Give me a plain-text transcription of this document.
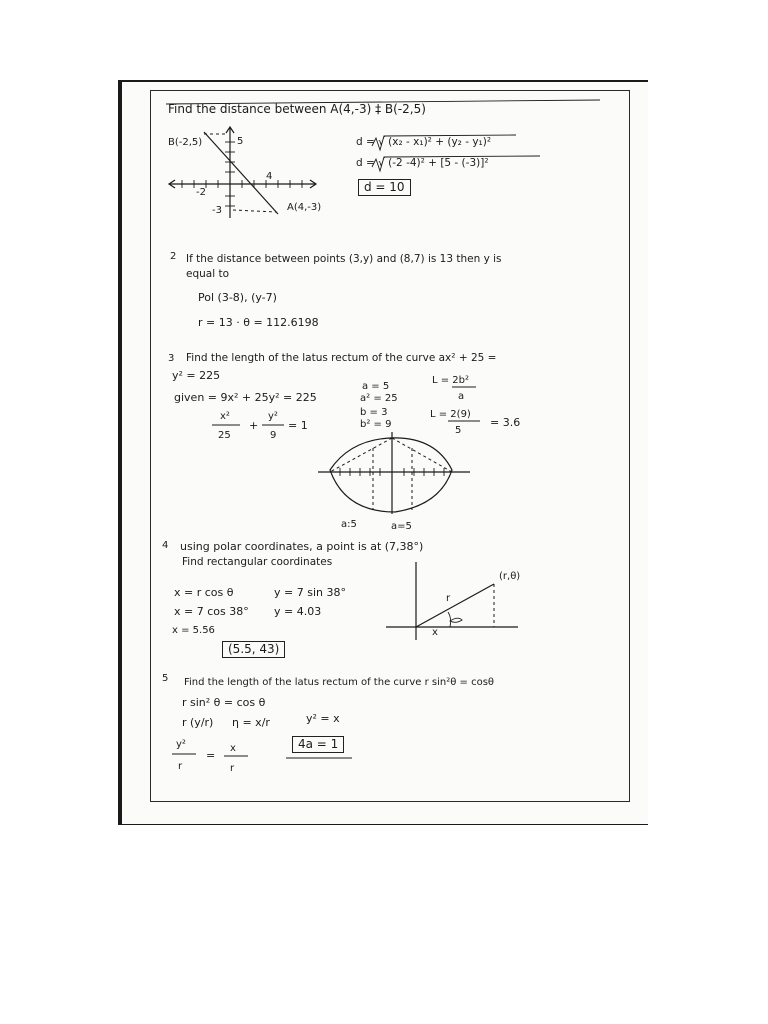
Find the distance between A(4,-3) ‡ B(-2,5)
B(-2,5)	5
4
-2
-3	A(4,-3)
d = √ (x₂ - x₁)² + (y₂ - y₁)²
d = √ (-2 -4)² + [5 - (-3)]²
d = 10
2 If the distance between points (3,y) and (8,7) is 13 then y is
equal to
Pol (3-8), (y-7)
r = 13 · θ = 112.6198
3 Find the length of the latus rectum of the curve ax² + 25 =
y² = 225
given = 9x² + 25y² = 225
x²
25
+
y²
9
= 1
a = 5
a² = 25
b = 3
b² = 9
L = 2b²
a
L = 2(9)
5
= 3.6
a:5	a=5
4 using polar coordinates, a point is at (7,38°)
Find rectangular coordinates
x = r cos θ	y = 7 sin 38°
x = 7 cos 38° y = 4.03
x = 5.56
(5.5, 43)
(r,θ)
r
x
5 Find the length of the latus rectum of the curve r sin²θ = cosθ
r sin² θ = cos θ
r (y/r) η = x/r
y²
r
=
x
r
y² = x
4a = 1
